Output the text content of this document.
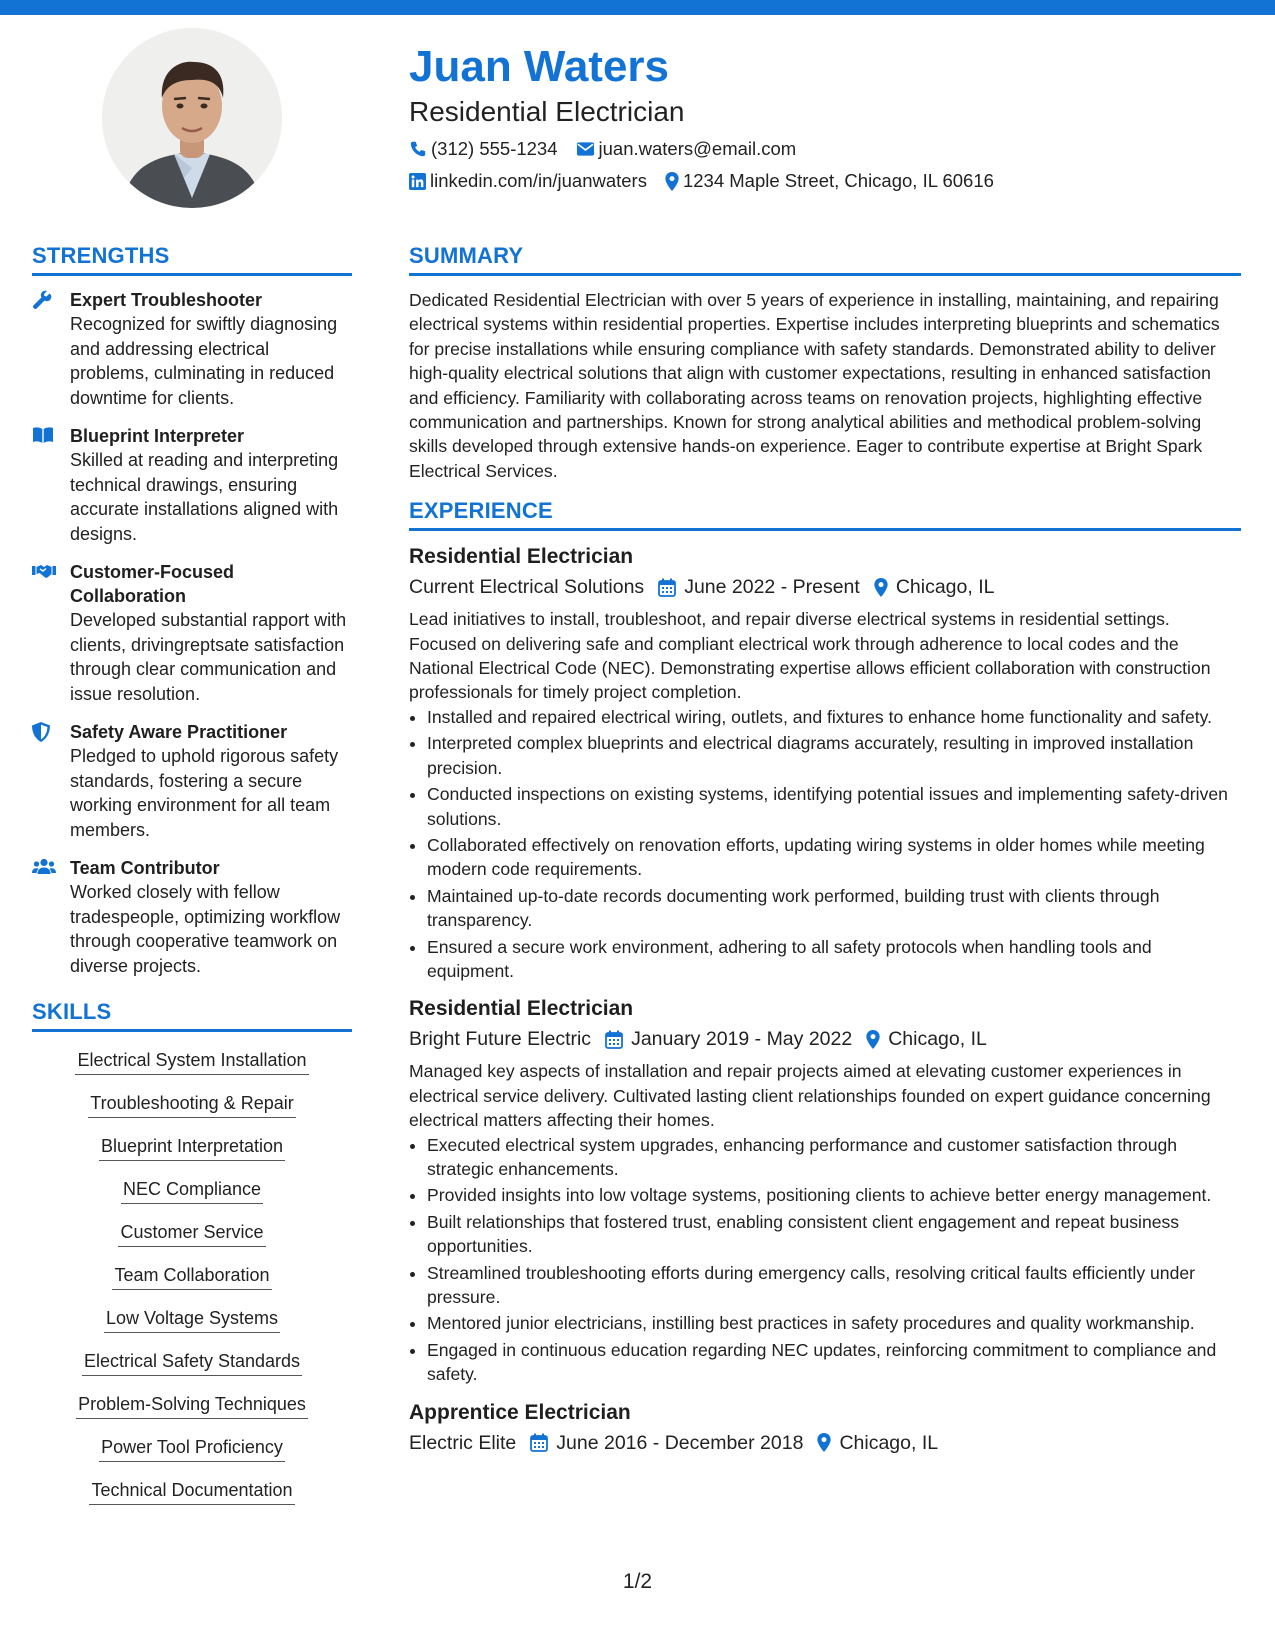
Juan Waters
Residential Electrician
(312) 555-1234 juan.waters@email.com
linkedin.com/in/juanwaters 1234 Maple Street, Chicago, IL 60616
STRENGTHS
Expert Troubleshooter
Recognized for swiftly diagnosing and addressing electrical problems, culminating in reduced downtime for clients.
Blueprint Interpreter
Skilled at reading and interpreting technical drawings, ensuring accurate installations aligned with designs.
Customer-Focused Collaboration
Developed substantial rapport with clients, drivingreptsate satisfaction through clear communication and issue resolution.
Safety Aware Practitioner
Pledged to uphold rigorous safety standards, fostering a secure working environment for all team members.
Team Contributor
Worked closely with fellow tradespeople, optimizing workflow through cooperative teamwork on diverse projects.
SKILLS
Electrical System Installation
Troubleshooting & Repair
Blueprint Interpretation
NEC Compliance
Customer Service
Team Collaboration
Low Voltage Systems
Electrical Safety Standards
Problem-Solving Techniques
Power Tool Proficiency
Technical Documentation
SUMMARY

Dedicated Residential Electrician with over 5 years of experience in installing, maintaining, and repairing electrical systems within residential properties. Expertise includes interpreting blueprints and schematics for precise installations while ensuring compliance with safety standards. Demonstrated ability to deliver high-quality electrical solutions that align with customer expectations, resulting in enhanced satisfaction and efficiency. Familiarity with collaborating across teams on renovation projects, highlighting effective communication and partnerships. Known for strong analytical abilities and methodical problem-solving skills developed through extensive hands-on experience. Eager to contribute expertise at Bright Spark Electrical Services.

EXPERIENCE
Residential Electrician
Current Electrical Solutions June 2022 - Present Chicago, IL
Lead initiatives to install, troubleshoot, and repair diverse electrical systems in residential settings. Focused on delivering safe and compliant electrical work through adherence to local codes and the National Electrical Code (NEC). Demonstrating expertise allows efficient collaboration with construction professionals for timely project completion.
• Installed and repaired electrical wiring, outlets, and fixtures to enhance home functionality and safety.
• Interpreted complex blueprints and electrical diagrams accurately, resulting in improved installation precision.
• Conducted inspections on existing systems, identifying potential issues and implementing safety-driven solutions.
• Collaborated effectively on renovation efforts, updating wiring systems in older homes while meeting modern code requirements.
• Maintained up-to-date records documenting work performed, building trust with clients through transparency.
• Ensured a secure work environment, adhering to all safety protocols when handling tools and equipment.
Residential Electrician
Bright Future Electric January 2019 - May 2022 Chicago, IL
Managed key aspects of installation and repair projects aimed at elevating customer experiences in electrical service delivery. Cultivated lasting client relationships founded on expert guidance concerning electrical matters affecting their homes.
• Executed electrical system upgrades, enhancing performance and customer satisfaction through strategic enhancements.
• Provided insights into low voltage systems, positioning clients to achieve better energy management.
• Built relationships that fostered trust, enabling consistent client engagement and repeat business opportunities.
• Streamlined troubleshooting efforts during emergency calls, resolving critical faults efficiently under pressure.
• Mentored junior electricians, instilling best practices in safety procedures and quality workmanship.
• Engaged in continuous education regarding NEC updates, reinforcing commitment to compliance and safety.
Apprentice Electrician
Electric Elite June 2016 - December 2018 Chicago, IL
1/2
